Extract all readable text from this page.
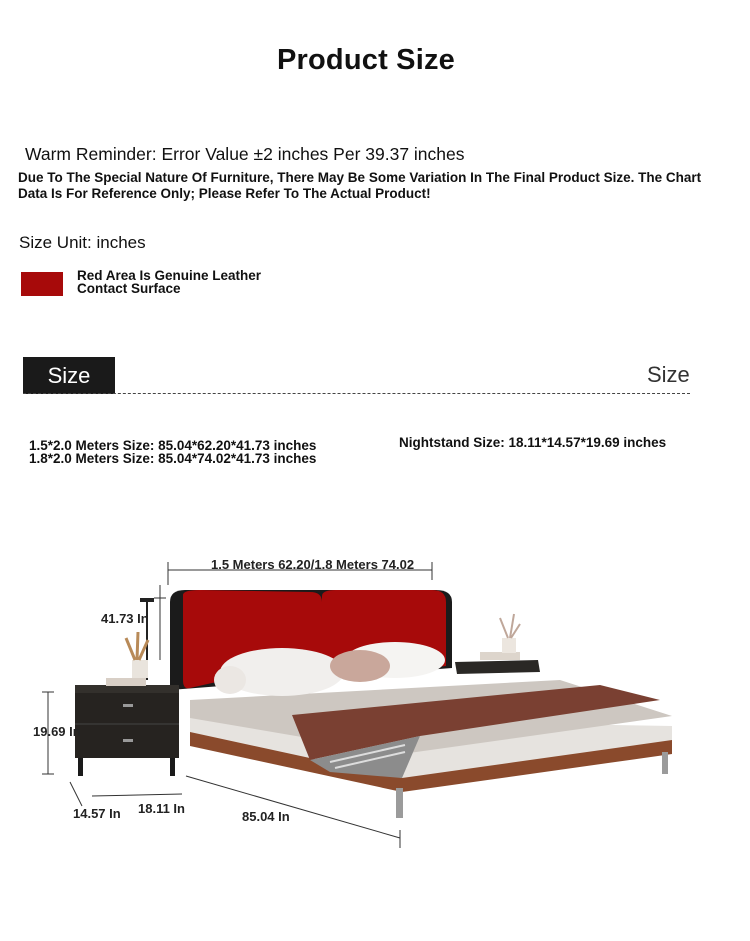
Product Size
Warm Reminder: Error Value ±2 inches Per 39.37 inches
Due To The Special Nature Of Furniture, There May Be Some Variation In The Final Product Size. The Chart Data Is For Reference Only; Please Refer To The Actual Product!
Size Unit: inches
Red Area Is Genuine Leather Contact Surface
Size	Size
1.5*2.0 Meters Size: 85.04*62.20*41.73 inches 1.8*2.0 Meters Size: 85.04*74.02*41.73 inches
Nightstand Size: 18.11*14.57*19.69 inches
1.5 Meters 62.20/1.8 Meters 74.02
41.73 In
19.69 In
14.57 In 18.11 In
85.04 In
